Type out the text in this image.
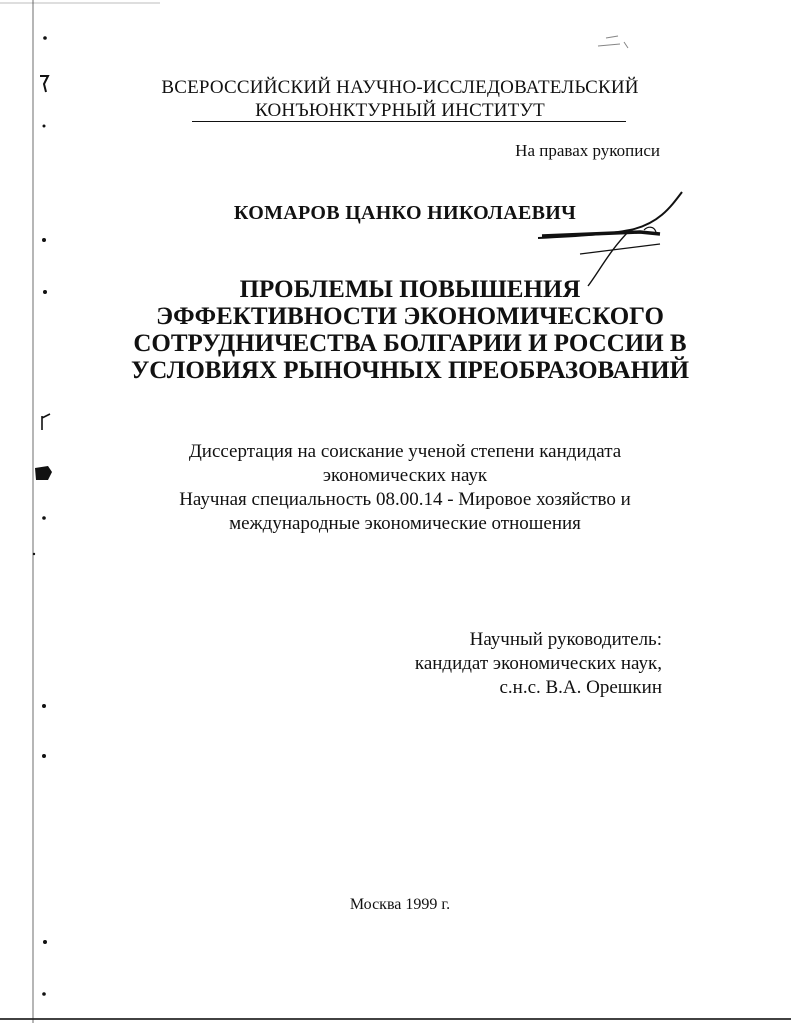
ВСЕРОССИЙСКИЙ НАУЧНО-ИССЛЕДОВАТЕЛЬСКИЙ
КОНЪЮНКТУРНЫЙ ИНСТИТУТ
На правах рукописи
КОМАРОВ ЦАНКО НИКОЛАЕВИЧ
ПРОБЛЕМЫ ПОВЫШЕНИЯ
ЭФФЕКТИВНОСТИ ЭКОНОМИЧЕСКОГО
СОТРУДНИЧЕСТВА БОЛГАРИИ И РОССИИ В
УСЛОВИЯХ РЫНОЧНЫХ ПРЕОБРАЗОВАНИЙ
Диссертация на соискание ученой степени кандидата
экономических наук
Научная специальность 08.00.14 - Мировое хозяйство и
международные экономические отношения
Научный руководитель:
кандидат экономических наук,
с.н.с. В.А. Орешкин
Москва 1999 г.
